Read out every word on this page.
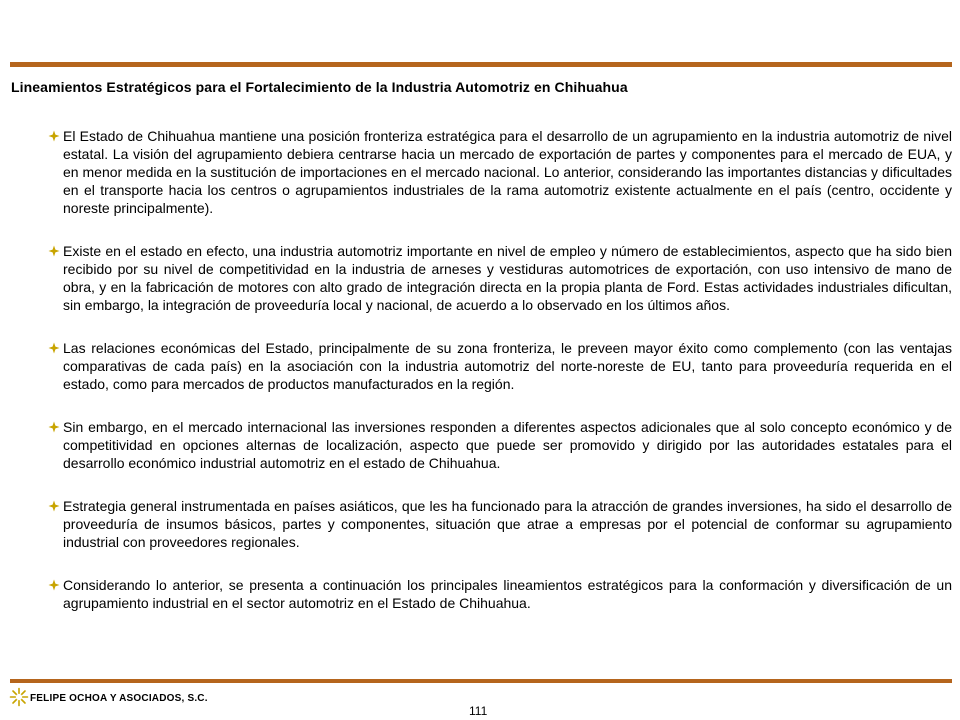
Lineamientos Estratégicos para el Fortalecimiento de la Industria Automotriz en Chihuahua
El Estado de Chihuahua mantiene una posición fronteriza estratégica para el desarrollo de un agrupamiento en la industria automotriz de nivel estatal. La visión del agrupamiento debiera centrarse hacia un mercado de exportación de partes y componentes para el mercado de EUA, y en menor medida en la sustitución de importaciones en el mercado nacional. Lo anterior, considerando las importantes distancias y dificultades en el transporte hacia los centros o agrupamientos industriales de la rama automotriz existente actualmente en el país (centro, occidente y noreste principalmente).
Existe en el estado en efecto, una industria automotriz importante en nivel de empleo y número de establecimientos, aspecto que ha sido bien recibido por su nivel de competitividad en la industria de arneses y vestiduras automotrices de exportación, con uso intensivo de mano de obra, y en la fabricación de motores con alto grado de integración directa en la propia planta de Ford. Estas actividades industriales dificultan, sin embargo, la integración de proveeduría local y nacional, de acuerdo a lo observado en los últimos años.
Las relaciones económicas del Estado, principalmente de su zona fronteriza, le preveen mayor éxito como complemento (con las ventajas comparativas de cada país) en la asociación con la industria automotriz del norte-noreste de EU, tanto para proveeduría requerida en el estado, como para mercados de productos manufacturados en la región.
Sin embargo, en el mercado internacional las inversiones responden a diferentes aspectos adicionales que al solo concepto económico y de competitividad en opciones alternas de localización, aspecto que puede ser promovido y dirigido por las autoridades estatales para el desarrollo económico industrial automotriz en el estado de Chihuahua.
Estrategia general instrumentada en países asiáticos, que les ha funcionado para la atracción de grandes inversiones, ha sido el desarrollo de proveeduría de insumos básicos, partes y componentes, situación que atrae a empresas por el potencial de conformar su agrupamiento industrial con proveedores regionales.
Considerando lo anterior, se presenta a continuación los principales lineamientos estratégicos para la conformación y diversificación de un agrupamiento industrial en el sector automotriz en el Estado de Chihuahua.
FELIPE OCHOA Y ASOCIADOS, S.C.
111
